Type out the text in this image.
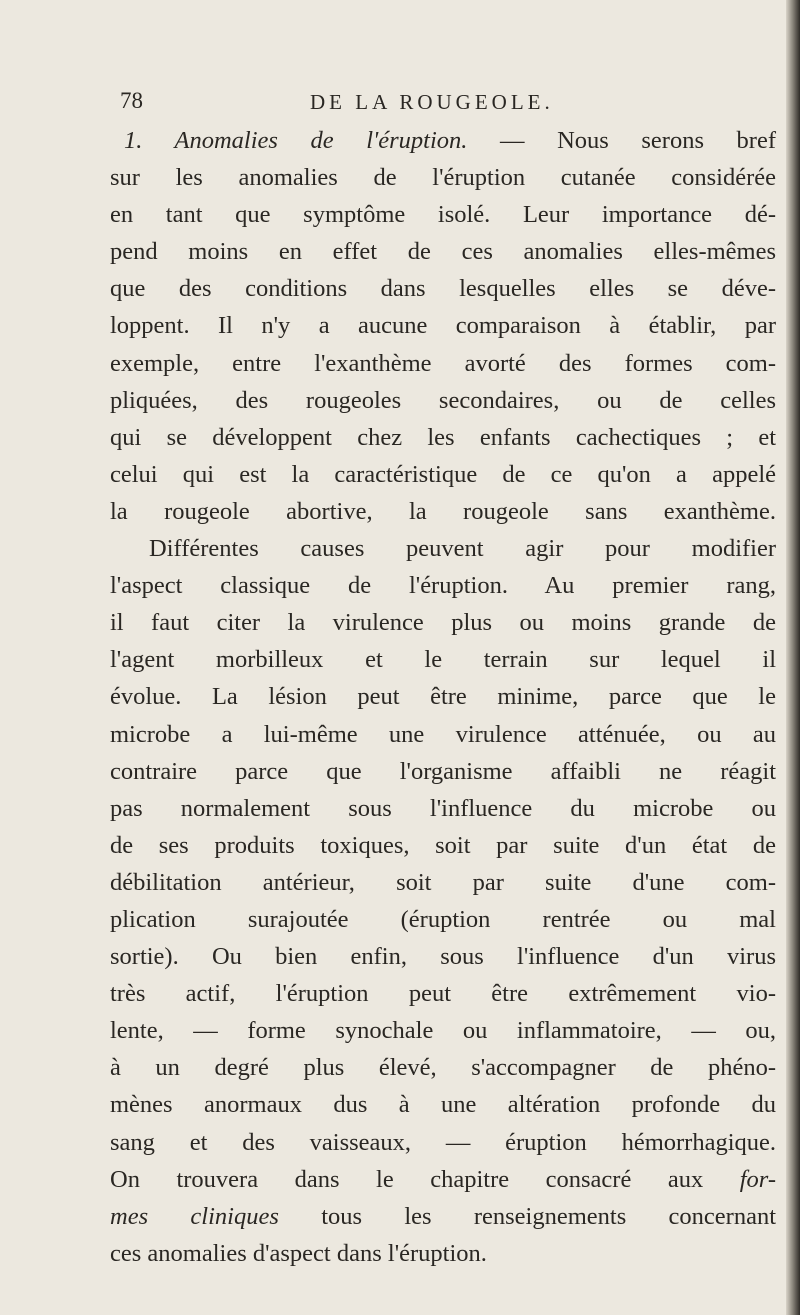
78	DE LA ROUGEOLE.
1. Anomalies de l'éruption. — Nous serons bref
sur les anomalies de l'éruption cutanée considérée
en tant que symptôme isolé. Leur importance dé-
pend moins en effet de ces anomalies elles-mêmes
que des conditions dans lesquelles elles se déve-
loppent. Il n'y a aucune comparaison à établir, par
exemple, entre l'exanthème avorté des formes com-
pliquées, des rougeoles secondaires, ou de celles
qui se développent chez les enfants cachectiques ; et
celui qui est la caractéristique de ce qu'on a appelé
la rougeole abortive, la rougeole sans exanthème.
Différentes causes peuvent agir pour modifier
l'aspect classique de l'éruption. Au premier rang,
il faut citer la virulence plus ou moins grande de
l'agent morbilleux et le terrain sur lequel il
évolue. La lésion peut être minime, parce que le
microbe a lui-même une virulence atténuée, ou au
contraire parce que l'organisme affaibli ne réagit
pas normalement sous l'influence du microbe ou
de ses produits toxiques, soit par suite d'un état de
débilitation antérieur, soit par suite d'une com-
plication surajoutée (éruption rentrée ou mal
sortie). Ou bien enfin, sous l'influence d'un virus
très actif, l'éruption peut être extrêmement vio-
lente, — forme synochale ou inflammatoire, — ou,
à un degré plus élevé, s'accompagner de phéno-
mènes anormaux dus à une altération profonde du
sang et des vaisseaux, — éruption hémorrhagique.
On trouvera dans le chapitre consacré aux for-
mes cliniques tous les renseignements concernant
ces anomalies d'aspect dans l'éruption.
